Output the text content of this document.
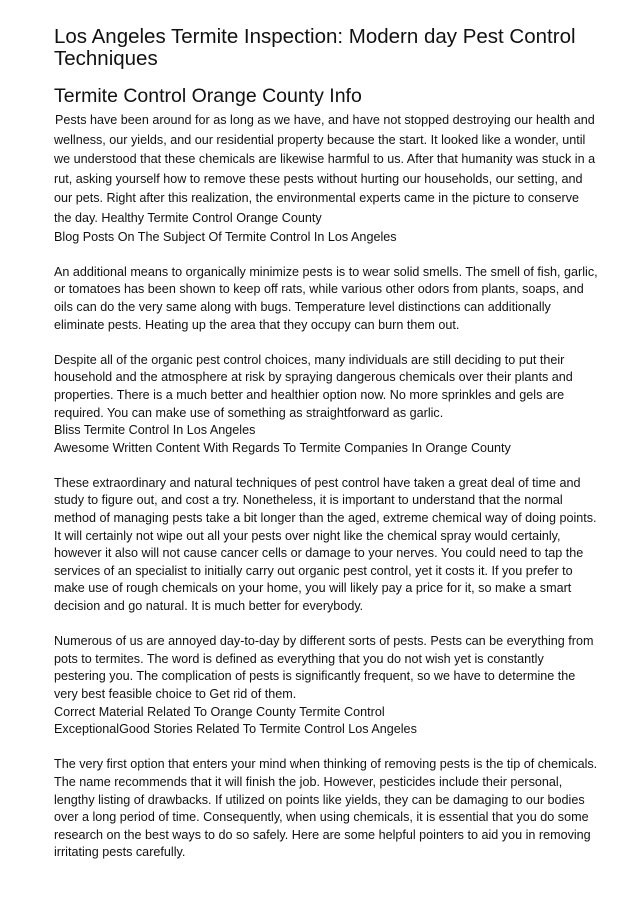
Los Angeles Termite Inspection: Modern day Pest Control Techniques
Termite Control Orange County Info

Pests have been around for as long as we have, and have not stopped destroying our health and wellness, our yields, and our residential property because the start. It looked like a wonder, until we understood that these chemicals are likewise harmful to us. After that humanity was stuck in a rut, asking yourself how to remove these pests without hurting our households, our setting, and our pets. Right after this realization, the environmental experts came in the picture to conserve the day. Healthy Termite Control Orange County

Blog Posts On The Subject Of Termite Control In Los Angeles

An additional means to organically minimize pests is to wear solid smells. The smell of fish, garlic, or tomatoes has been shown to keep off rats, while various other odors from plants, soaps, and oils can do the very same along with bugs. Temperature level distinctions can additionally eliminate pests. Heating up the area that they occupy can burn them out.

Despite all of the organic pest control choices, many individuals are still deciding to put their household and the atmosphere at risk by spraying dangerous chemicals over their plants and properties. There is a much better and healthier option now. No more sprinkles and gels are required. You can make use of something as straightforward as garlic.

Bliss Termite Control In Los Angeles

Awesome Written Content With Regards To Termite Companies In Orange County

These extraordinary and natural techniques of pest control have taken a great deal of time and study to figure out, and cost a try. Nonetheless, it is important to understand that the normal method of managing pests take a bit longer than the aged, extreme chemical way of doing points. It will certainly not wipe out all your pests over night like the chemical spray would certainly, however it also will not cause cancer cells or damage to your nerves. You could need to tap the services of an specialist to initially carry out organic pest control, yet it costs it. If you prefer to make use of rough chemicals on your home, you will likely pay a price for it, so make a smart decision and go natural. It is much better for everybody.

Numerous of us are annoyed day-to-day by different sorts of pests. Pests can be everything from pots to termites. The word is defined as everything that you do not wish yet is constantly pestering you. The complication of pests is significantly frequent, so we have to determine the very best feasible choice to Get rid of them.

Correct Material Related To Orange County Termite Control

ExceptionalGood Stories Related To Termite Control Los Angeles

The very first option that enters your mind when thinking of removing pests is the tip of chemicals. The name recommends that it will finish the job. However, pesticides include their personal, lengthy listing of drawbacks. If utilized on points like yields, they can be damaging to our bodies over a long period of time. Consequently, when using chemicals, it is essential that you do some research on the best ways to do so safely. Here are some helpful pointers to aid you in removing irritating pests carefully.
